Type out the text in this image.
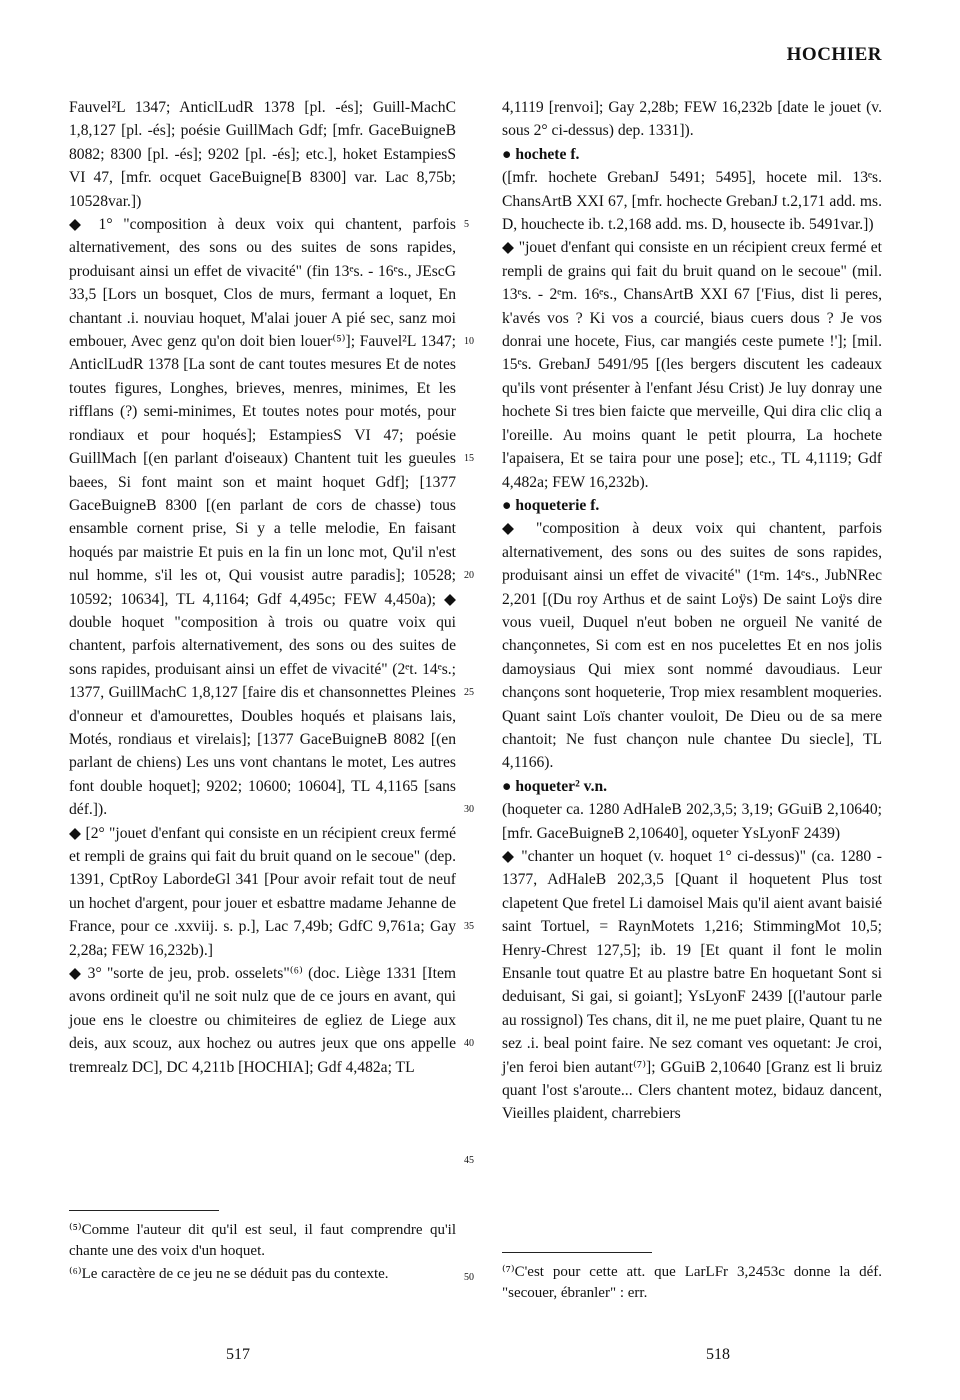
HOCHIER

Fauvel²L 1347; AnticlLudR 1378 [pl. -és]; Guill-MachC 1,8,127 [pl. -és]; poésie GuillMach Gdf; [mfr. GaceBuigneB 8082; 8300 [pl. -és]; 9202 [pl. -és]; etc.], hoket EstampiesS VI 47, [mfr. ocquet GaceBuigne[B 8300] var. Lac 8,75b; 10528var.])

◆ 1° "composition à deux voix qui chantent, parfois alternativement, des sons ou des suites de sons rapides, produisant ainsi un effet de vivacité" (fin 13ᵉs. - 16ᵉs., JEscG 33,5 [Lors un bosquet, Clos de murs, fermant a loquet, En chantant .i. nouviau hoquet, M'alai jouer A pié sec, sanz moi embouer, Avec genz qu'on doit bien louer⁽⁵⁾]; Fauvel²L 1347; AnticlLudR 1378 [La sont de cant toutes mesures Et de notes toutes figures, Longhes, brieves, menres, minimes, Et les rifflans (?) semi-minimes, Et toutes notes pour motés, pour rondiaux et pour hoqués]; EstampiesS VI 47; poésie GuillMach [(en parlant d'oiseaux) Chantent tuit les gueules baees, Si font maint son et maint hoquet Gdf]; [1377 GaceBuigneB 8300 [(en parlant de cors de chasse) tous ensamble cornent prise, Si y a telle melodie, En faisant hoqués par maistrie Et puis en la fin un lonc mot, Qu'il n'est nul homme, s'il les ot, Qui vousist autre paradis]; 10528; 10592; 10634], TL 4,1164; Gdf 4,495c; FEW 4,450a); ◆ double hoquet "composition à trois ou quatre voix qui chantent, parfois alternativement, des sons ou des suites de sons rapides, produisant ainsi un effet de vivacité" (2ᵉt. 14ᵉs.; 1377, GuillMachC 1,8,127 [faire dis et chansonnettes Pleines d'onneur et d'amourettes, Doubles hoqués et plaisans lais, Motés, rondiaus et virelais]; [1377 GaceBuigneB 8082 [(en parlant de chiens) Les uns vont chantans le motet, Les autres font double hoquet]; 9202; 10600; 10604], TL 4,1165 [sans déf.]).

◆ [2° "jouet d'enfant qui consiste en un récipient creux fermé et rempli de grains qui fait du bruit quand on le secoue" (dep. 1391, CptRoy LabordeGl 341 [Pour avoir refait tout de neuf un hochet d'argent, pour jouer et esbattre madame Jehanne de France, pour ce .xxviij. s. p.], Lac 7,49b; GdfC 9,761a; Gay 2,28a; FEW 16,232b).]

◆ 3° "sorte de jeu, prob. osselets"⁽⁶⁾ (doc. Liège 1331 [Item avons ordineit qu'il ne soit nulz que de ce jours en avant, qui joue ens le cloestre ou chimiteires de egliez de Liege aux deis, aux scouz, aux hochez ou autres jeux que ons appelle tremrealz DC], DC 4,211b [HOCHIA]; Gdf 4,482a; TL

5
10
15
20
25
30
35
40
45
50

4,1119 [renvoi]; Gay 2,28b; FEW 16,232b [date le jouet (v. sous 2° ci-dessus) dep. 1331]).

● hochete f.

([mfr. hochete GrebanJ 5491; 5495], hocete mil. 13ᵉs. ChansArtB XXI 67, [mfr. hochecte GrebanJ t.2,171 add. ms. D, houchecte ib. t.2,168 add. ms. D, housecte ib. 5491var.])

◆ "jouet d'enfant qui consiste en un récipient creux fermé et rempli de grains qui fait du bruit quand on le secoue" (mil. 13ᵉs. - 2ᵉm. 16ᵉs., ChansArtB XXI 67 ['Fius, dist li peres, k'avés vos ? Ki vos a courcié, biaus cuers dous ? Je vos donrai une hocete, Fius, car mangiés ceste pumete !']; [mil. 15ᵉs. GrebanJ 5491/95 [(les bergers discutent les cadeaux qu'ils vont présenter à l'enfant Jésu Crist) Je luy donray une hochete Si tres bien faicte que merveille, Qui dira clic cliq a l'oreille. Au moins quant le petit plourra, La hochete l'apaisera, Et se taira pour une pose]; etc., TL 4,1119; Gdf 4,482a; FEW 16,232b).

● hoqueterie f.

◆ "composition à deux voix qui chantent, parfois alternativement, des sons ou des suites de sons rapides, produisant ainsi un effet de vivacité" (1ᵉm. 14ᵉs., JubNRec 2,201 [(Du roy Arthus et de saint Loÿs) De saint Loÿs dire vous vueil, Duquel n'eut boben ne orgueil Ne vanité de chançonnetes, Si com est en nos pucelettes Et en nos jolis damoysiaus Qui miex sont nommé davoudiaus. Leur chançons sont hoqueterie, Trop miex resamblent moqueries. Quant saint Loïs chanter vouloit, De Dieu ou de sa mere chantoit; Ne fust chançon nule chantee Du siecle], TL 4,1166).

● hoqueter² v.n.

(hoqueter ca. 1280 AdHaleB 202,3,5; 3,19; GGuiB 2,10640; [mfr. GaceBuigneB 2,10640], oqueter YsLyonF 2439)

◆ "chanter un hoquet (v. hoquet 1° ci-dessus)" (ca. 1280 - 1377, AdHaleB 202,3,5 [Quant il hoquetent Plus tost clapetent Que fretel Li damoisel Mais qu'il aient avant baisié saint Tortuel, = RaynMotets 1,216; StimmingMot 10,5; Henry-Chrest 127,5]; ib. 19 [Et quant il font le molin Ensanle tout quatre Et au plastre batre En hoquetant Sont si deduisant, Si gai, si goiant]; YsLyonF 2439 [(l'autour parle au rossignol) Tes chans, dit il, ne me puet plaire, Quant tu ne sez .i. beal point faire. Ne sez comant ves oquetant: Je croi, j'en feroi bien autant⁽⁷⁾]; GGuiB 2,10640 [Granz est li bruiz quant l'ost s'aroute... Clers chantent motez, bidauz dancent, Vieilles plaident, charrebiers

⁽⁵⁾Comme l'auteur dit qu'il est seul, il faut comprendre qu'il chante une des voix d'un hoquet.
⁽⁶⁾Le caractère de ce jeu ne se déduit pas du contexte.	⁽⁷⁾C'est pour cette att. que LarLFr 3,2453c donne la déf. "secouer, ébranler" : err.
517	518
